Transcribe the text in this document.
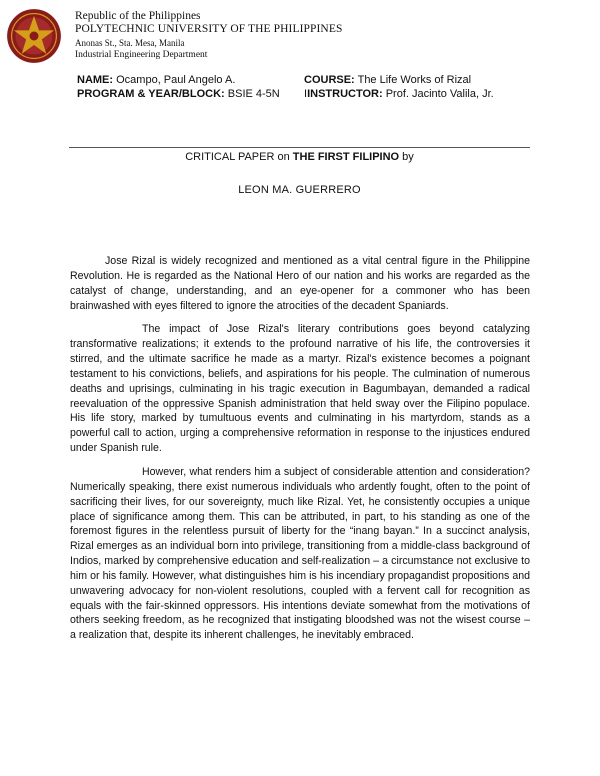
Republic of the Philippines
POLYTECHNIC UNIVERSITY OF THE PHILIPPINES
Anonas St., Sta. Mesa, Manila
Industrial Engineering Department
NAME: Ocampo, Paul Angelo A.
PROGRAM & YEAR/BLOCK: BSIE 4-5N
COURSE: The Life Works of Rizal
IINSTRUCTOR: Prof. Jacinto Valila, Jr.
CRITICAL PAPER on THE FIRST FILIPINO by
LEON MA. GUERRERO

Jose Rizal is widely recognized and mentioned as a vital central figure in the Philippine Revolution. He is regarded as the National Hero of our nation and his works are regarded as the catalyst of change, understanding, and an eye-opener for a commoner who has been brainwashed with eyes filtered to ignore the atrocities of the decadent Spaniards.

The impact of Jose Rizal's literary contributions goes beyond catalyzing transformative realizations; it extends to the profound narrative of his life, the controversies it stirred, and the ultimate sacrifice he made as a martyr. Rizal's existence becomes a poignant testament to his convictions, beliefs, and aspirations for his people. The culmination of numerous deaths and uprisings, culminating in his tragic execution in Bagumbayan, demanded a radical reevaluation of the oppressive Spanish administration that held sway over the Filipino populace. His life story, marked by tumultuous events and culminating in his martyrdom, stands as a powerful call to action, urging a comprehensive reformation in response to the injustices endured under Spanish rule.

However, what renders him a subject of considerable attention and consideration? Numerically speaking, there exist numerous individuals who ardently fought, often to the point of sacrificing their lives, for our sovereignty, much like Rizal. Yet, he consistently occupies a unique place of significance among them. This can be attributed, in part, to his standing as one of the foremost figures in the relentless pursuit of liberty for the “inang bayan.” In a succinct analysis, Rizal emerges as an individual born into privilege, transitioning from a middle-class background of Indios, marked by comprehensive education and self-realization – a circumstance not exclusive to him or his family. However, what distinguishes him is his incendiary propagandist propositions and unwavering advocacy for non-violent resolutions, coupled with a fervent call for recognition as equals with the fair-skinned oppressors. His intentions deviate somewhat from the motivations of others seeking freedom, as he recognized that instigating bloodshed was not the wisest course – a realization that, despite its inherent challenges, he inevitably embraced.
